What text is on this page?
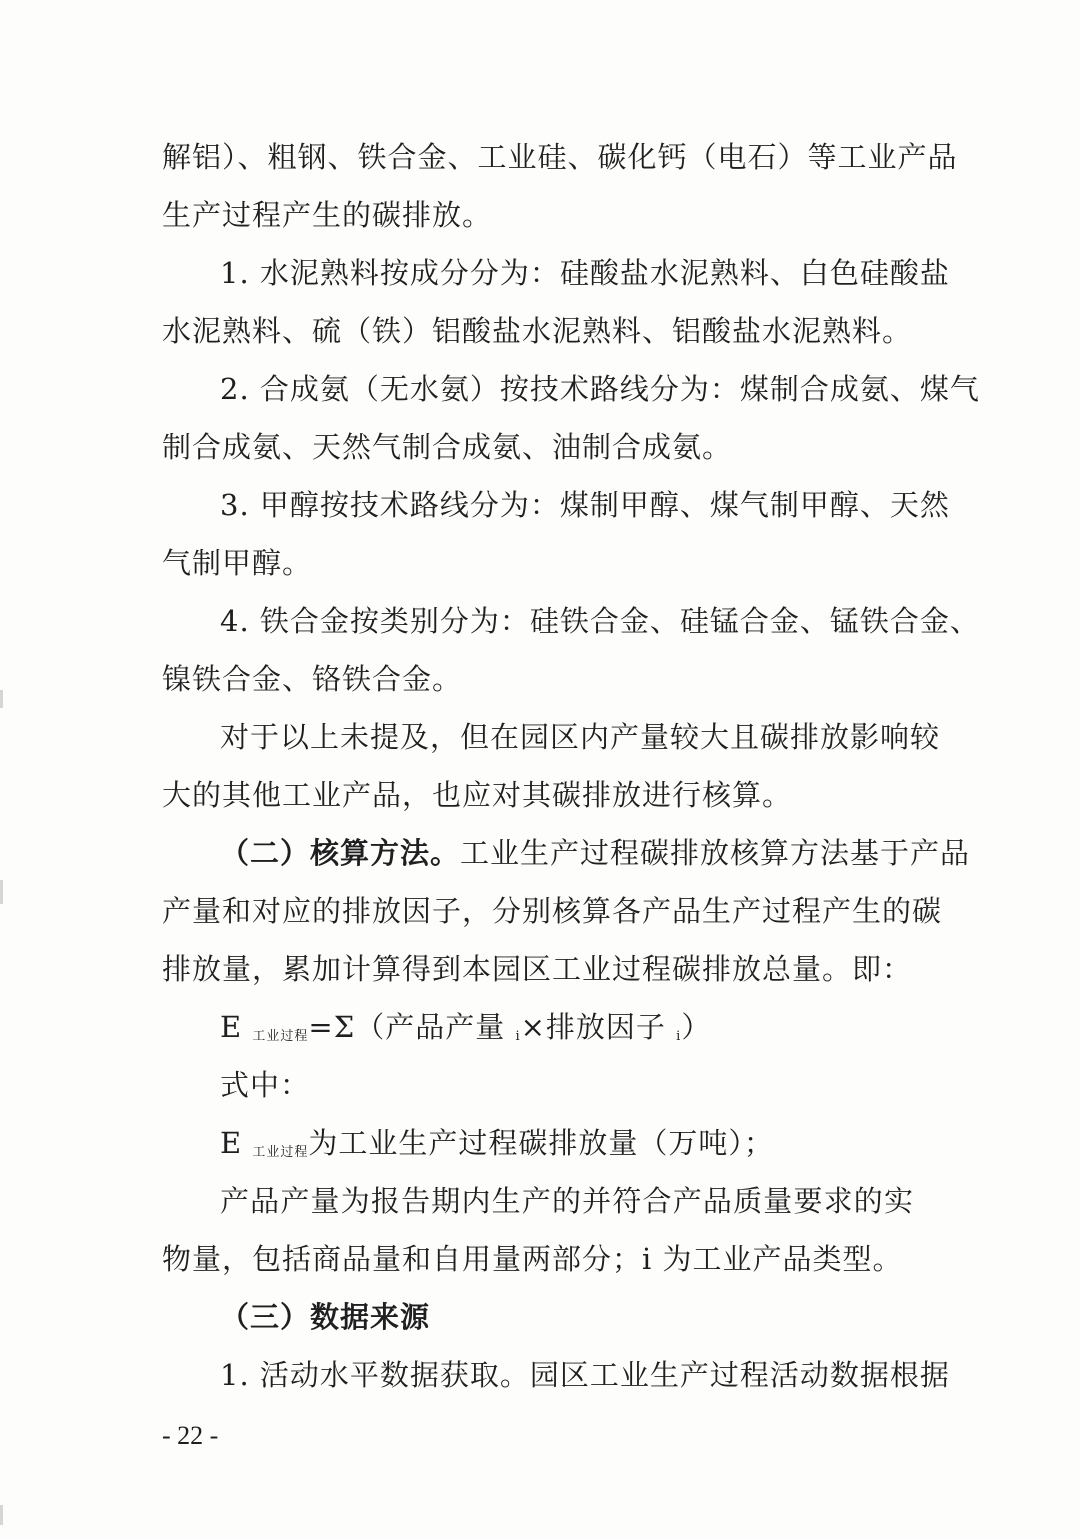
解铝）、粗钢、铁合金、工业硅、碳化钙（电石）等工业产品
生产过程产生的碳排放。
1. 水泥熟料按成分分为：硅酸盐水泥熟料、白色硅酸盐
水泥熟料、硫（铁）铝酸盐水泥熟料、铝酸盐水泥熟料。
2. 合成氨（无水氨）按技术路线分为：煤制合成氨、煤气
制合成氨、天然气制合成氨、油制合成氨。
3. 甲醇按技术路线分为：煤制甲醇、煤气制甲醇、天然
气制甲醇。
4. 铁合金按类别分为：硅铁合金、硅锰合金、锰铁合金、
镍铁合金、铬铁合金。
对于以上未提及，但在园区内产量较大且碳排放影响较
大的其他工业产品，也应对其碳排放进行核算。
（二）核算方法。工业生产过程碳排放核算方法基于产品
产量和对应的排放因子，分别核算各产品生产过程产生的碳
排放量，累加计算得到本园区工业过程碳排放总量。即：
E $_{工业过程}$=Σ（产品产量 $_i$×排放因子 $_i$）
式中：
E $_{工业过程}$为工业生产过程碳排放量（万吨）；
产品产量为报告期内生产的并符合产品质量要求的实
物量，包括商品量和自用量两部分；i 为工业产品类型。
（三）数据来源
1. 活动水平数据获取。园区工业生产过程活动数据根据
- 22 -
